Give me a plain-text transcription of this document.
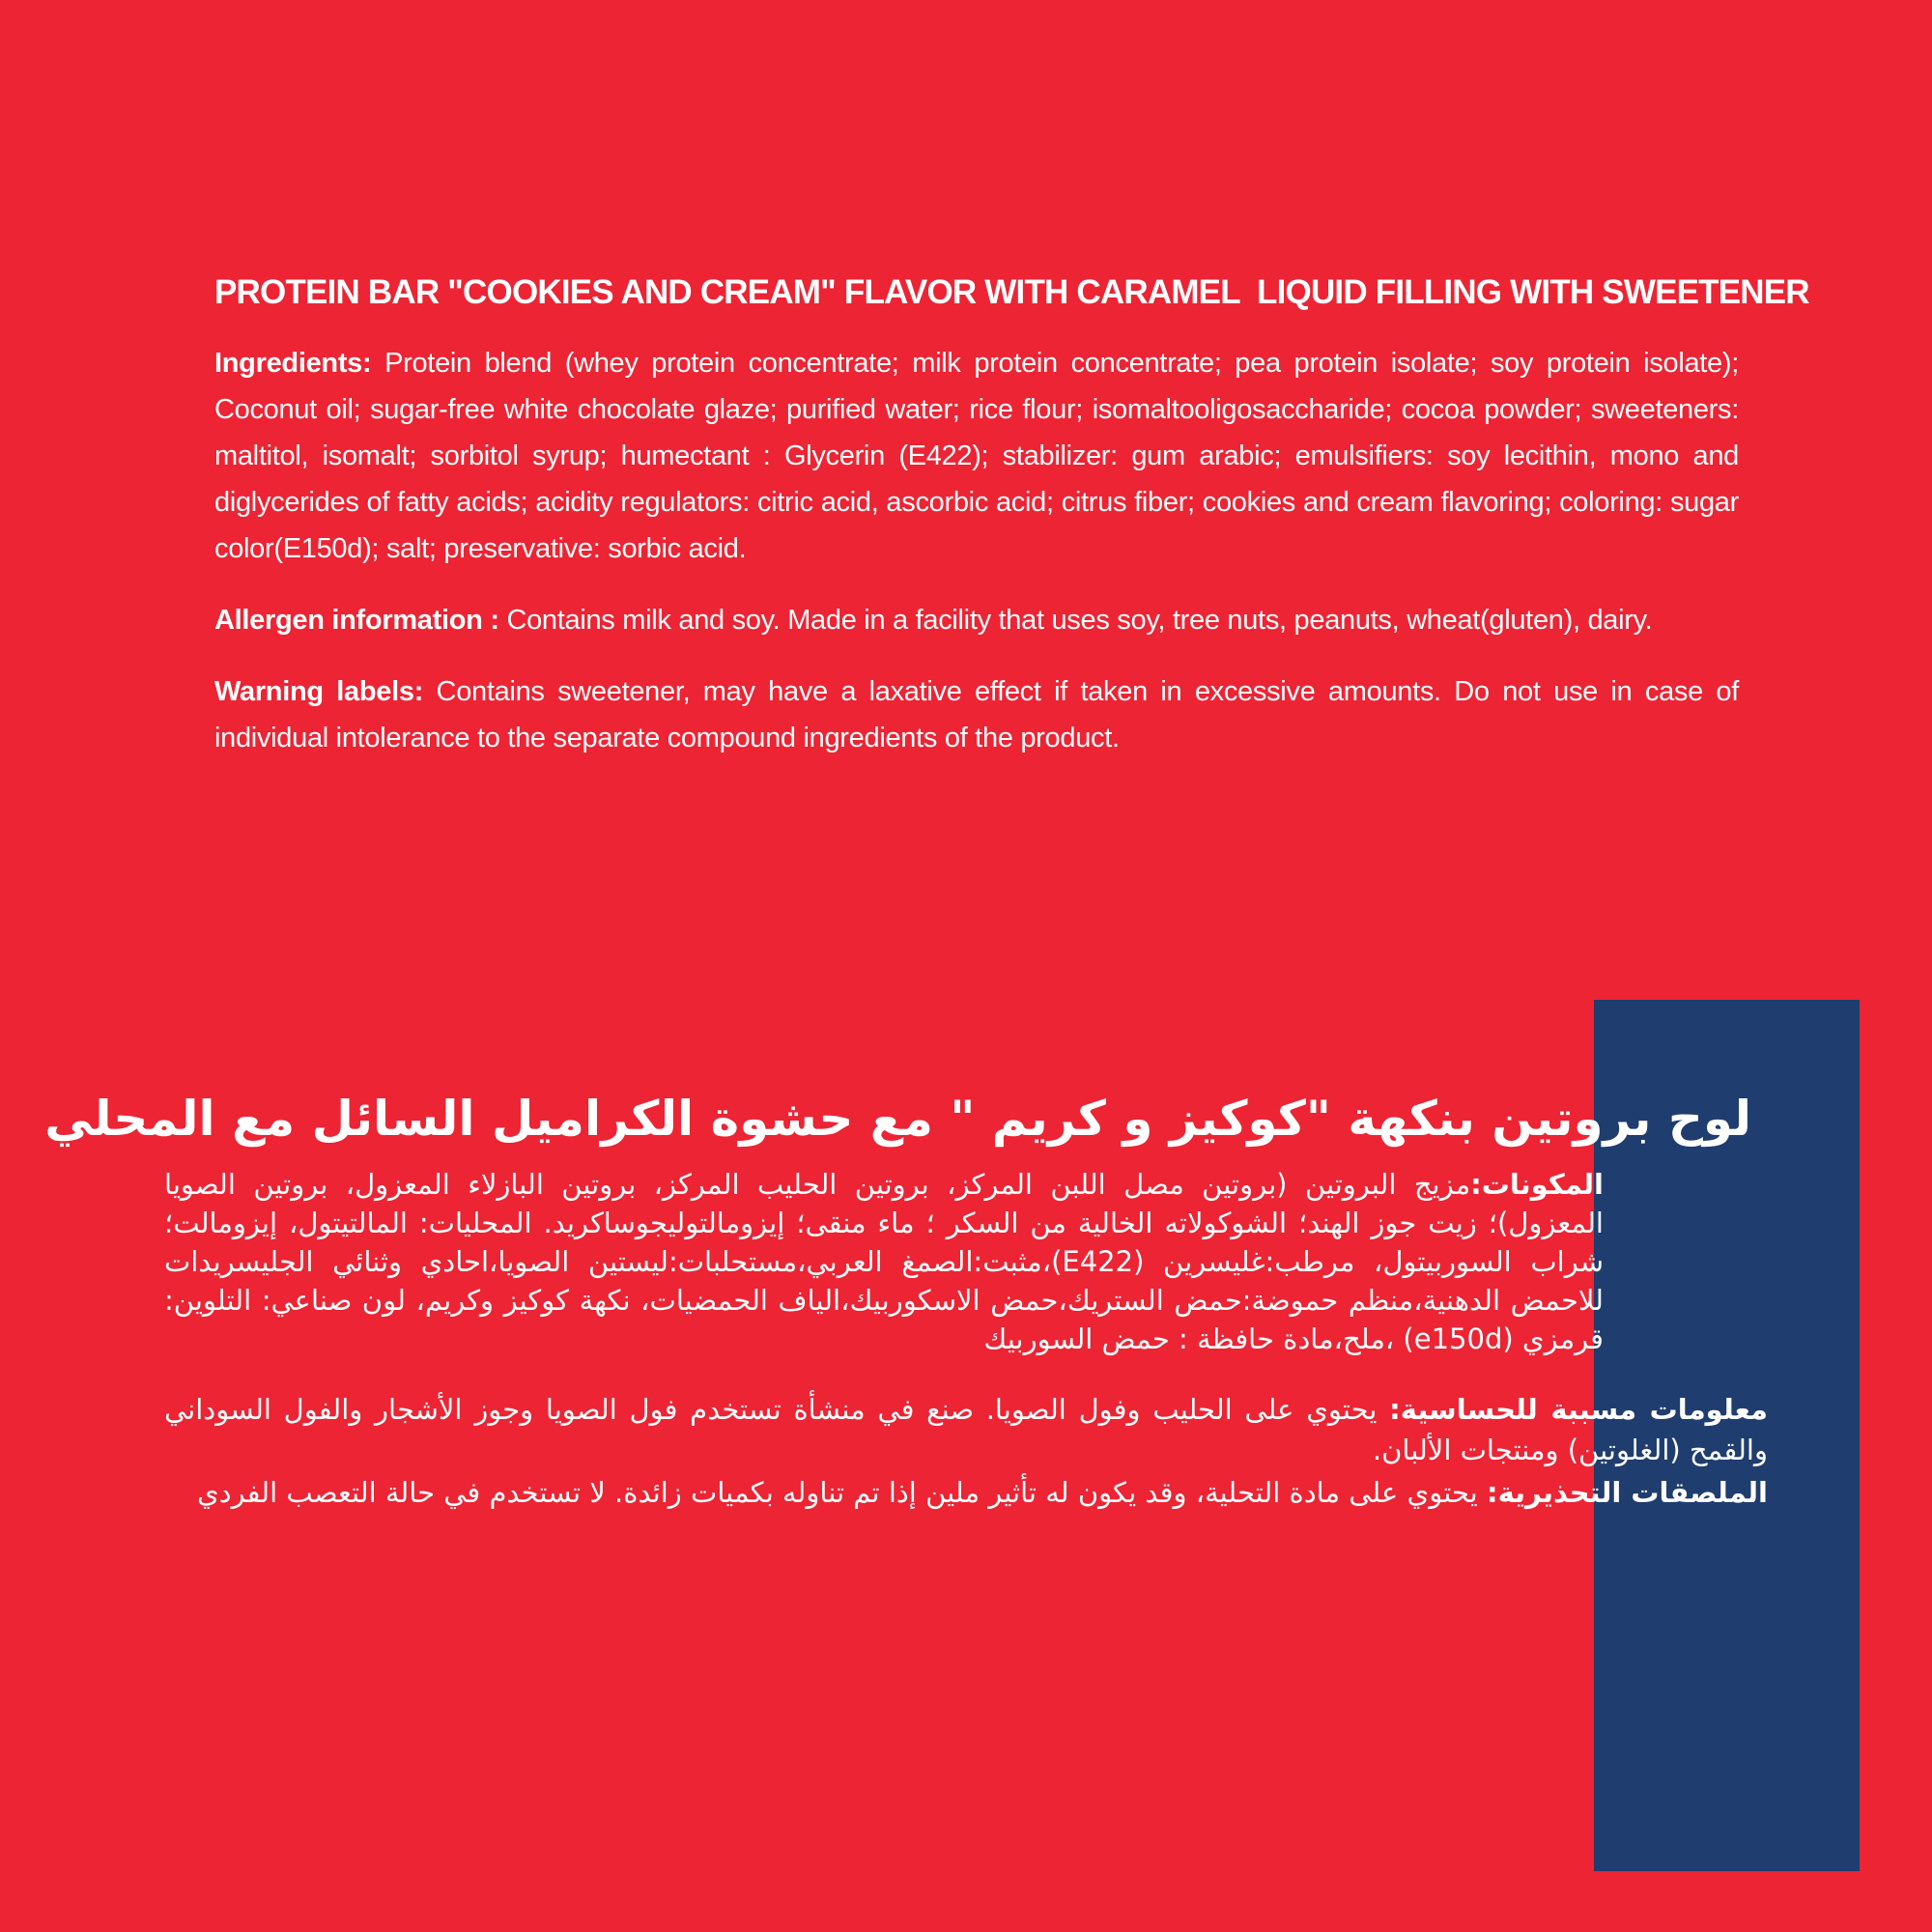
PROTEIN BAR "COOKIES AND CREAM" FLAVOR WITH CARAMEL  LIQUID FILLING WITH SWEETENER

Ingredients: Protein blend (whey protein concentrate; milk protein concentrate; pea protein isolate; soy protein isolate); Coconut oil; sugar-free white chocolate glaze; purified water; rice flour; isomaltooligosaccharide; cocoa powder; sweeteners: maltitol, isomalt; sorbitol syrup; humectant : Glycerin (E422); stabilizer: gum arabic; emulsifiers: soy lecithin, mono and diglycerides of fatty acids; acidity regulators: citric acid, ascorbic acid; citrus fiber; cookies and cream flavoring; coloring: sugar color(E150d); salt; preservative: sorbic acid.

Allergen information : Contains milk and soy. Made in a facility that uses soy, tree nuts, peanuts, wheat(gluten), dairy.

Warning labels: Contains sweetener, may have a laxative effect if taken in excessive amounts. Do not use in case of individual intolerance to the separate compound ingredients of the product.

لوح بروتين بنكهة "كوكيز و كريم " مع حشوة الكراميل السائل مع المحلي
المكونات:مزيج البروتين (بروتين مصل اللبن المركز، بروتين الحليب المركز، بروتين البازلاء المعزول، بروتين الصويا المعزول)؛ زيت جوز الهند؛ الشوكولاته الخالية من السكر ؛ ماء منقى؛ إيزومالتوليجوساكريد. المحليات: المالتيتول، إيزومالت؛ شراب السوربيتول، مرطب:غليسرين (E422)،مثبت:الصمغ العربي،مستحلبات:ليستين الصويا،احادي وثنائي الجليسريدات للاحمض الدهنية،منظم حموضة:حمض الستريك،حمض الاسكوربيك،الياف الحمضيات، نكهة كوكيز وكريم، لون صناعي: التلوين: قرمزي (e150d) ،ملح،مادة حافظة : حمض السوربيك
معلومات مسببة للحساسية: يحتوي على الحليب وفول الصويا. صنع في منشأة تستخدم فول الصويا وجوز الأشجار والفول السوداني والقمح (الغلوتين) ومنتجات الألبان.
الملصقات التحذيرية: يحتوي على مادة التحلية، وقد يكون له تأثير ملين إذا تم تناوله بكميات زائدة. لا تستخدم في حالة التعصب الفردي
